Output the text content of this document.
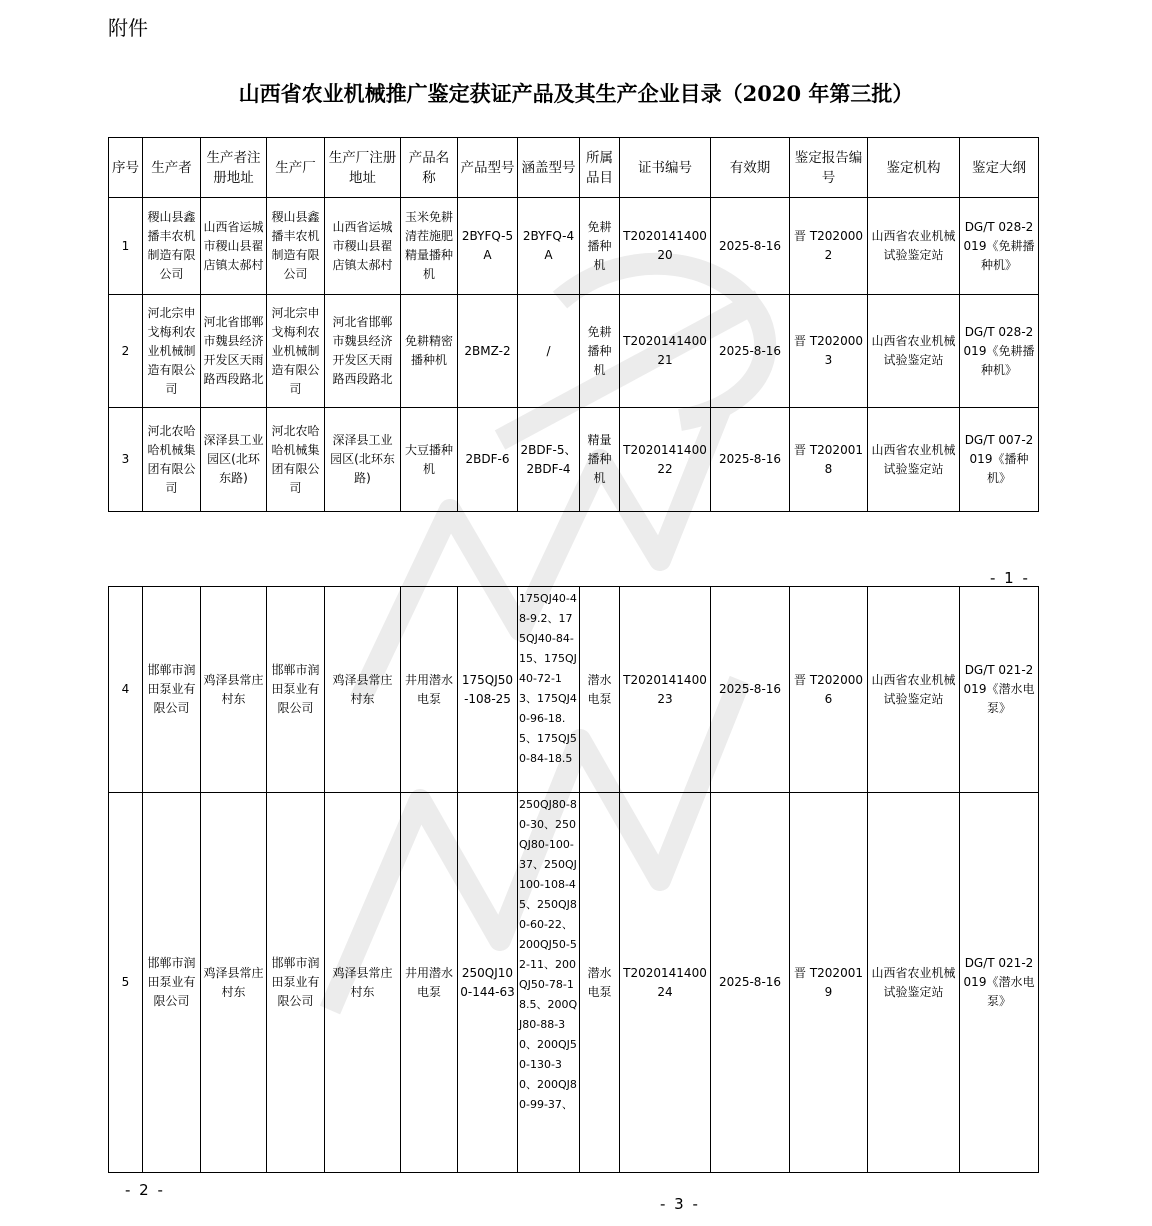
附件
山西省农业机械推广鉴定获证产品及其生产企业目录（2020 年第三批）
序号	生产者	生产者注册地址	生产厂	生产厂注册地址	产品名称	产品型号	涵盖型号	所属品目	证书编号	有效期	鉴定报告编号	鉴定机构	鉴定大纲
1	稷山县鑫播丰农机制造有限公司	山西省运城市稷山县翟店镇太郝村	稷山县鑫播丰农机制造有限公司	山西省运城市稷山县翟店镇太郝村	玉米免耕清茬施肥精量播种机	2BYFQ-5A	2BYFQ-4A	免耕播种机	T202014140020	2025-8-16	晋 T2020002	山西省农业机械试验鉴定站	DG/T 028-2019《免耕播种机》
2	河北宗申戈梅利农业机械制造有限公司	河北省邯郸市魏县经济开发区天雨路西段路北	河北宗申戈梅利农业机械制造有限公司	河北省邯郸市魏县经济开发区天雨路西段路北	免耕精密播种机	2BMZ-2	/	免耕播种机	T202014140021	2025-8-16	晋 T2020003	山西省农业机械试验鉴定站	DG/T 028-2019《免耕播种机》
3	河北农哈哈机械集团有限公司	深泽县工业园区(北环东路)	河北农哈哈机械集团有限公司	深泽县工业园区(北环东路)	大豆播种机	2BDF-6	2BDF-5、2BDF-4	精量播种机	T202014140022	2025-8-16	晋 T2020018	山西省农业机械试验鉴定站	DG/T 007-2019《播种机》
- 1 -
4	邯郸市润田泵业有限公司	鸡泽县常庄村东	邯郸市润田泵业有限公司	鸡泽县常庄村东	井用潜水电泵	175QJ50-108-25	175QJ40-48-9.2、175QJ40-84-15、175QJ40-72-13、175QJ40-96-18.5、175QJ50-84-18.5	潜水电泵	T202014140023	2025-8-16	晋 T2020006	山西省农业机械试验鉴定站	DG/T 021-2019《潜水电泵》
5	邯郸市润田泵业有限公司	鸡泽县常庄村东	邯郸市润田泵业有限公司	鸡泽县常庄村东	井用潜水电泵	250QJ100-144-63	250QJ80-80-30、250QJ80-100-37、250QJ100-108-45、250QJ80-60-22、200QJ50-52-11、200QJ50-78-18.5、200QJ80-88-30、200QJ50-130-30、200QJ80-99-37、	潜水电泵	T202014140024	2025-8-16	晋 T2020019	山西省农业机械试验鉴定站	DG/T 021-2019《潜水电泵》
- 2 -
- 3 -
